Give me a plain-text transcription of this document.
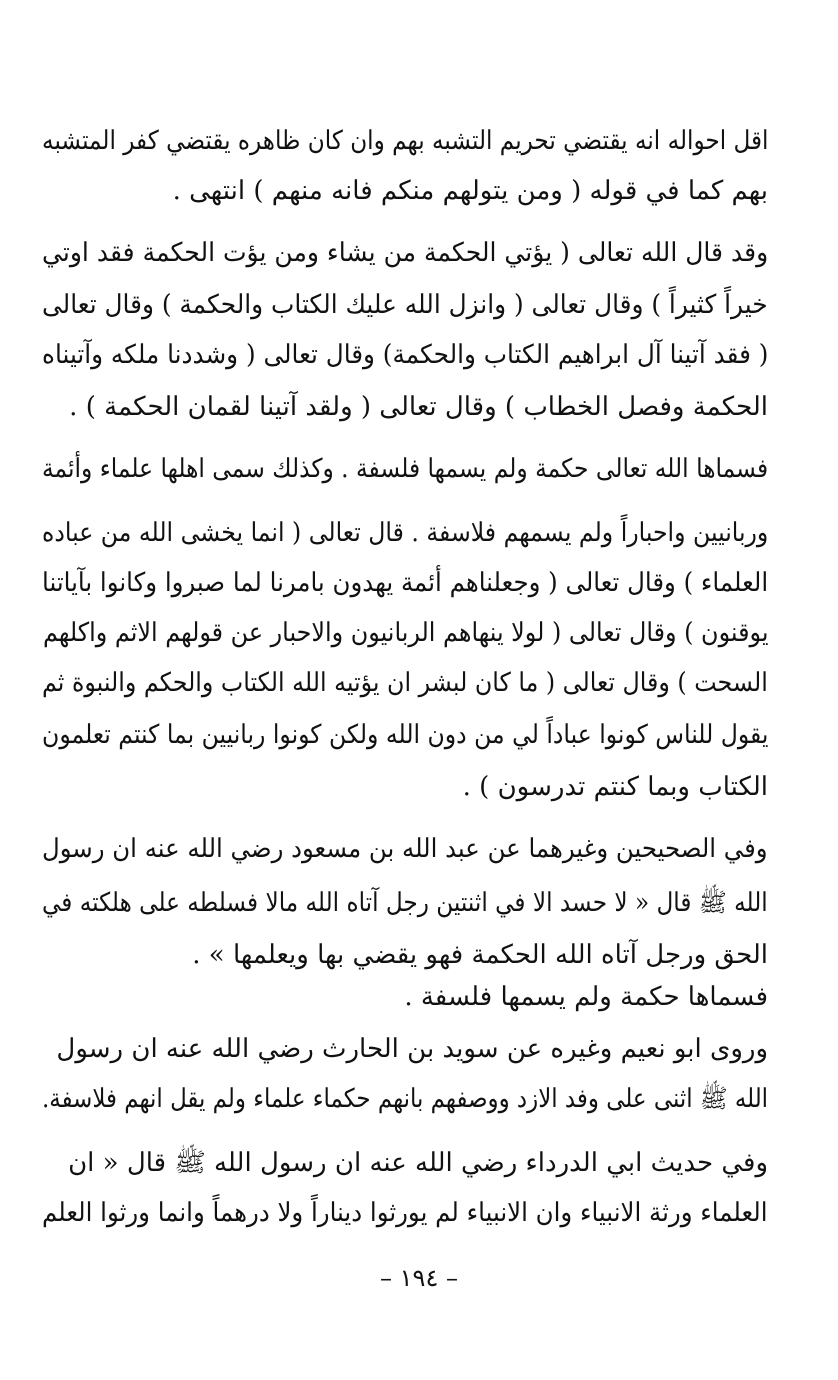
اقل احواله انه يقتضي تحريم التشبه بهم وان كان ظاهره يقتضي كفر المتشبه
بهم كما في قوله ( ومن يتولهم منكم فانه منهم ) انتهى .
وقد قال الله تعالى ( يؤتي الحكمة من يشاء ومن يؤت الحكمة فقد اوتي
خيراً كثيراً ) وقال تعالى ( وانزل الله عليك الكتاب والحكمة ) وقال تعالى
( فقد آتينا آل ابراهيم الكتاب والحكمة) وقال تعالى ( وشددنا ملكه وآتيناه
الحكمة وفصل الخطاب ) وقال تعالى ( ولقد آتينا لقمان الحكمة ) .
فسماها الله تعالى حكمة ولم يسمها فلسفة . وكذلك سمى اهلها علماء وأئمة
وربانيين واحباراً ولم يسمهم فلاسفة . قال تعالى ( انما يخشى الله من عباده
العلماء ) وقال تعالى ( وجعلناهم أئمة يهدون بامرنا لما صبروا وكانوا بآياتنا
يوقنون ) وقال تعالى ( لولا ينهاهم الربانيون والاحبار عن قولهم الاثم واكلهم
السحت ) وقال تعالى ( ما كان لبشر ان يؤتيه الله الكتاب والحكم والنبوة ثم
يقول للناس كونوا عباداً لي من دون الله ولكن كونوا ربانيين بما كنتم تعلمون
الكتاب وبما كنتم تدرسون ) .
وفي الصحيحين وغيرهما عن عبد الله بن مسعود رضي الله عنه ان رسول
الله ﷺ قال « لا حسد الا في اثنتين رجل آتاه الله مالا فسلطه على هلكته في
الحق ورجل آتاه الله الحكمة فهو يقضي بها ويعلمها » .
فسماها حكمة ولم يسمها فلسفة .
وروى ابو نعيم وغيره عن سويد بن الحارث رضي الله عنه ان رسول
الله ﷺ اثنى على وفد الازد ووصفهم بانهم حكماء علماء ولم يقل انهم فلاسفة.
وفي حديث ابي الدرداء رضي الله عنه ان رسول الله ﷺ قال « ان
العلماء ورثة الانبياء وان الانبياء لم يورثوا ديناراً ولا درهماً وانما ورثوا العلم
– ١٩٤ –
